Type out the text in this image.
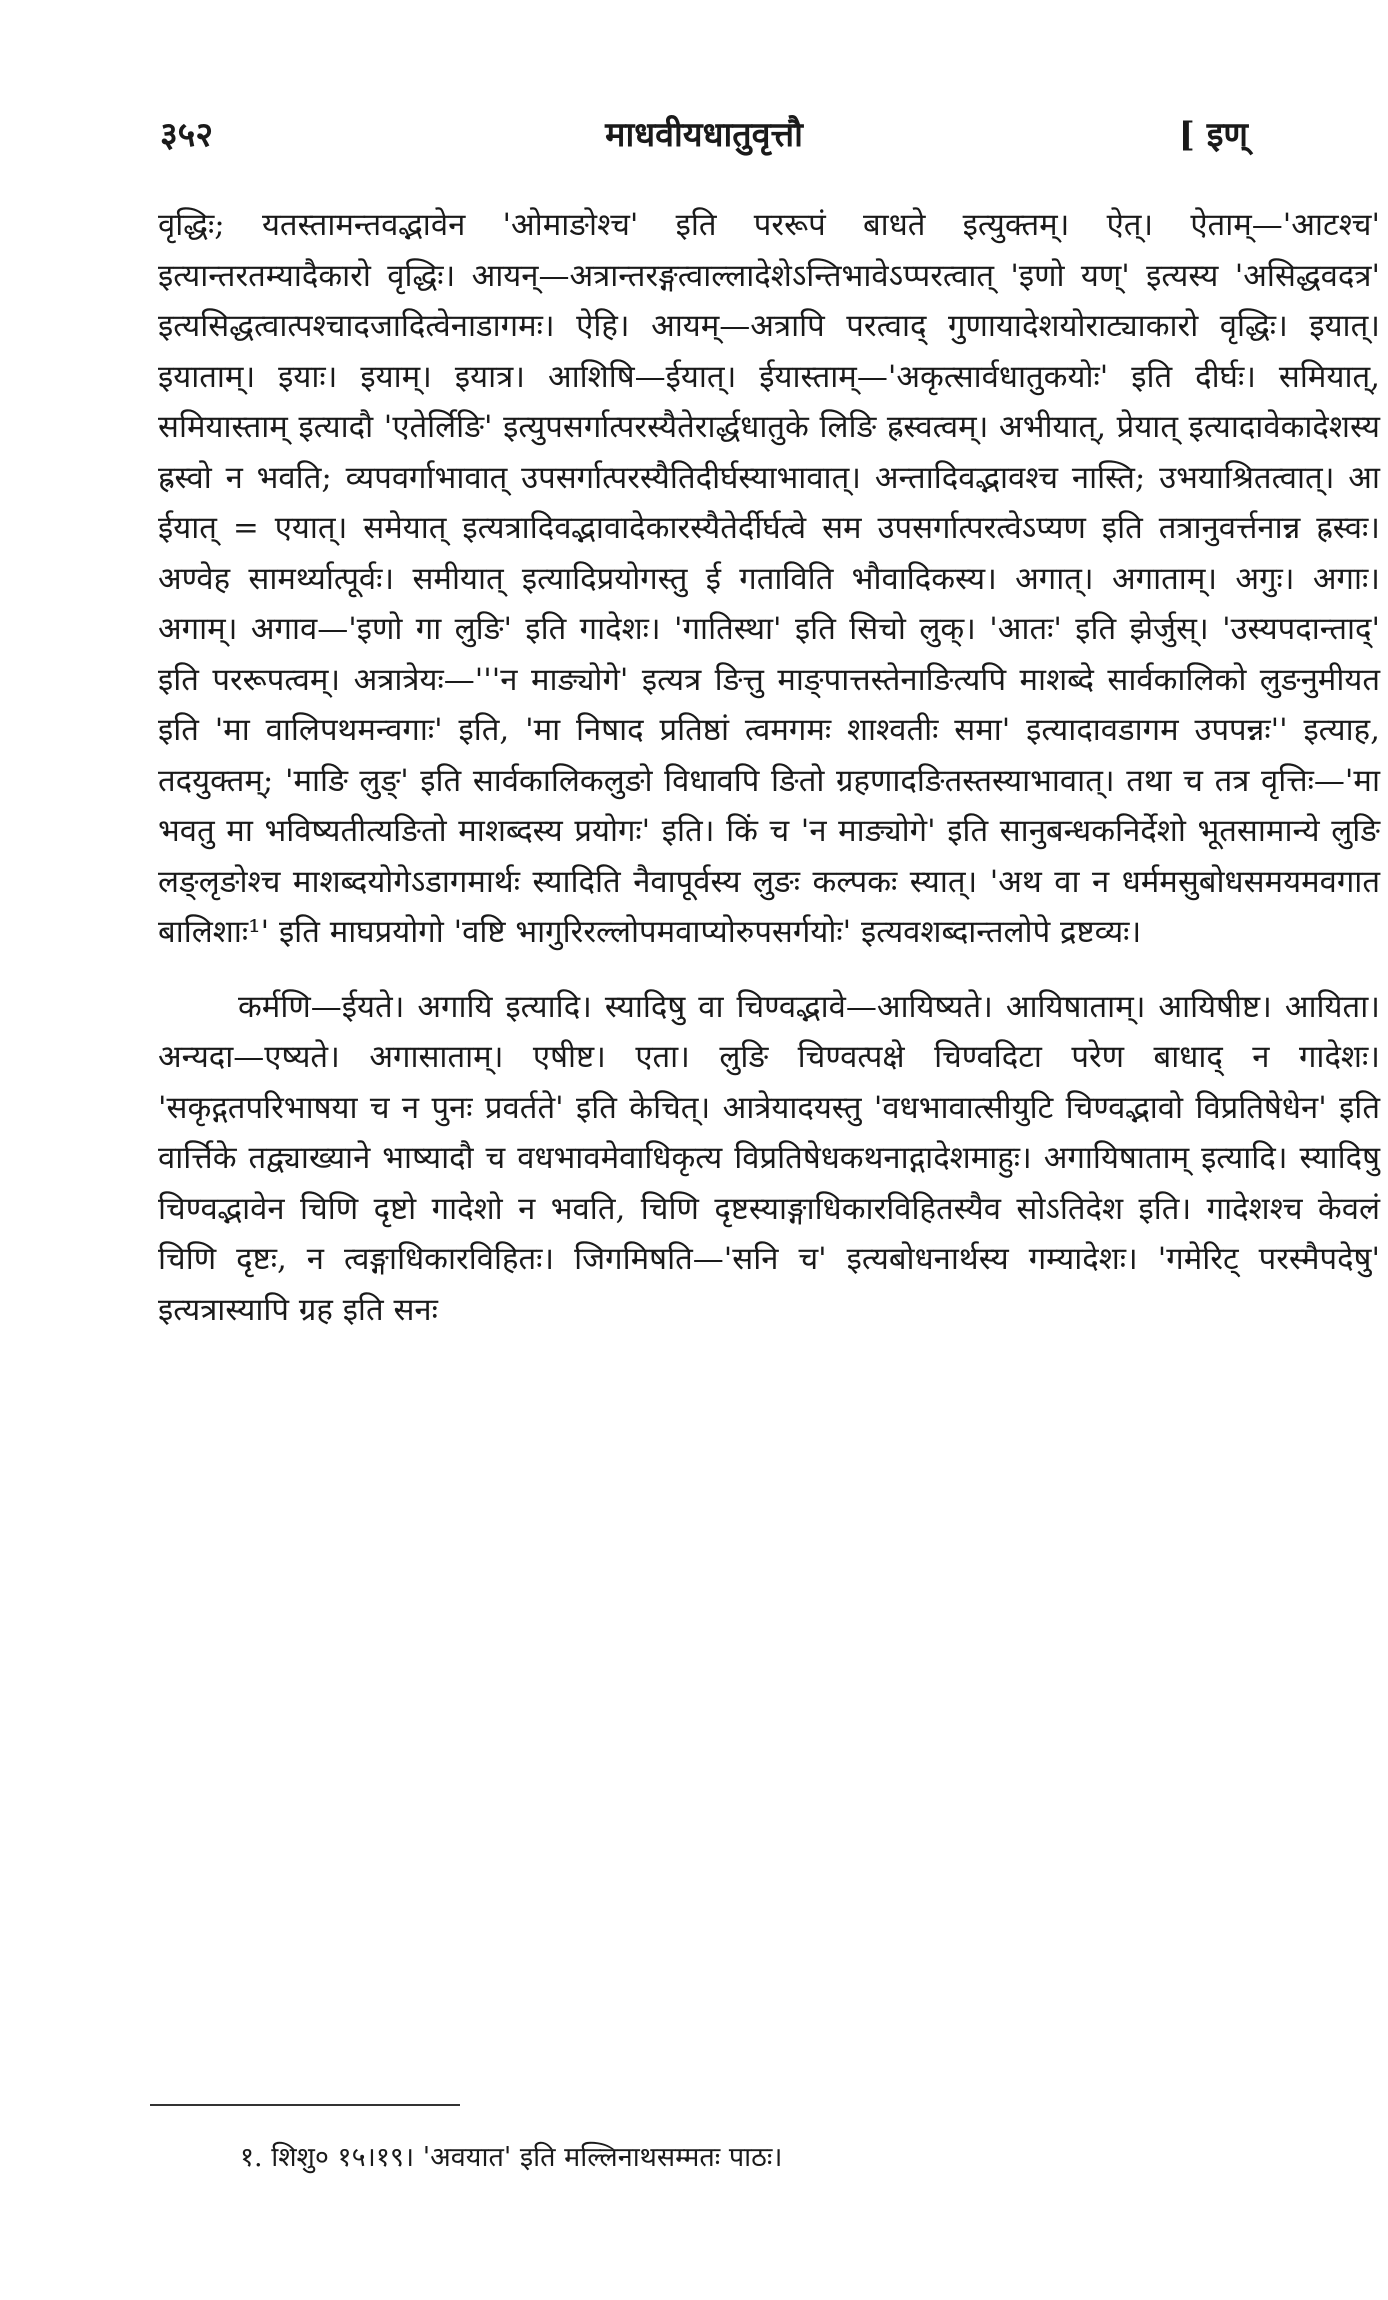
३५२	माधवीयधातुवृत्तौ	[ इण्

वृद्धिः; यतस्तामन्तवद्भावेन 'ओमाङोश्च' इति पररूपं बाधते इत्युक्तम्। ऐत्। ऐताम्—'आटश्च' इत्यान्तरतम्यादैकारो वृद्धिः। आयन्—अत्रान्तरङ्गत्वाल्लादेशेऽन्तिभावेऽप्परत्वात् 'इणो यण्' इत्यस्य 'असिद्धवदत्र' इत्यसिद्धत्वात्पश्चादजादित्वेनाडागमः। ऐहि। आयम्—अत्रापि परत्वाद् गुणायादेशयोराट्याकारो वृद्धिः। इयात्। इयाताम्। इयाः। इयाम्। इयात्र। आशिषि—ईयात्। ईयास्ताम्—'अकृत्सार्वधातुकयोः' इति दीर्घः। समियात्, समियास्ताम् इत्यादौ 'एतेर्लिङि' इत्युपसर्गात्परस्यैतेरार्द्धधातुके लिङि ह्रस्वत्वम्। अभीयात्, प्रेयात् इत्यादावेकादेशस्य ह्रस्वो न भवति; व्यपवर्गाभावात् उपसर्गात्परस्यैतिदीर्घस्याभावात्। अन्तादिवद्भावश्च नास्ति; उभयाश्रितत्वात्। आ ईयात् = एयात्। समेयात् इत्यत्रादिवद्भावादेकारस्यैतेर्दीर्घत्वे सम उपसर्गात्परत्वेऽप्यण इति तत्रानुवर्त्तनान्न ह्रस्वः। अण्वेह सामर्थ्यात्पूर्वः। समीयात् इत्यादिप्रयोगस्तु ई गताविति भौवादिकस्य। अगात्। अगाताम्। अगुः। अगाः। अगाम्। अगाव—'इणो गा लुङि' इति गादेशः। 'गातिस्था' इति सिचो लुक्। 'आतः' इति झेर्जुस्। 'उस्यपदान्ताद्' इति पररूपत्वम्। अत्रात्रेयः—'''न माङ्योगे' इत्यत्र ङित्तु माङ्पात्तस्तेनाङित्यपि माशब्दे सार्वकालिको लुङनुमीयत इति 'मा वालिपथमन्वगाः' इति, 'मा निषाद प्रतिष्ठां त्वमगमः शाश्वतीः समा' इत्यादावडागम उपपन्नः'' इत्याह, तदयुक्तम्; 'माङि लुङ्' इति सार्वकालिकलुङो विधावपि ङितो ग्रहणादङितस्तस्याभावात्। तथा च तत्र वृत्तिः—'मा भवतु मा भविष्यतीत्यङितो माशब्दस्य प्रयोगः' इति। किं च 'न माङ्योगे' इति सानुबन्धकनिर्देशो भूतसामान्ये लुङि लङ्लृङोश्च माशब्दयोगेऽडागमार्थः स्यादिति नैवापूर्वस्य लुङः कल्पकः स्यात्। 'अथ वा न धर्ममसुबोधसमयमवगात बालिशाः¹' इति माघप्रयोगो 'वष्टि भागुरिरल्लोपमवाप्योरुपसर्गयोः' इत्यवशब्दान्तलोपे द्रष्टव्यः।

कर्मणि—ईयते। अगायि इत्यादि। स्यादिषु वा चिण्वद्भावे—आयिष्यते। आयिषाताम्। आयिषीष्ट। आयिता। अन्यदा—एष्यते। अगासाताम्। एषीष्ट। एता। लुङि चिण्वत्पक्षे चिण्वदिटा परेण बाधाद् न गादेशः। 'सकृद्गतपरिभाषया च न पुनः प्रवर्तते' इति केचित्। आत्रेयादयस्तु 'वधभावात्सीयुटि चिण्वद्भावो विप्रतिषेधेन' इति वार्त्तिके तद्व्याख्याने भाष्यादौ च वधभावमेवाधिकृत्य विप्रतिषेधकथनाद्गादेशमाहुः। अगायिषाताम् इत्यादि। स्यादिषु चिण्वद्भावेन चिणि दृष्टो गादेशो न भवति, चिणि दृष्टस्याङ्गाधिकारविहितस्यैव सोऽतिदेश इति। गादेशश्च केवलं चिणि दृष्टः, न त्वङ्गाधिकारविहितः। जिगमिषति—'सनि च' इत्यबोधनार्थस्य गम्यादेशः। 'गमेरिट् परस्मैपदेषु' इत्यत्रास्यापि ग्रह इति सनः

१. शिशु० १५।१९। 'अवयात' इति मल्लिनाथसम्मतः पाठः।
